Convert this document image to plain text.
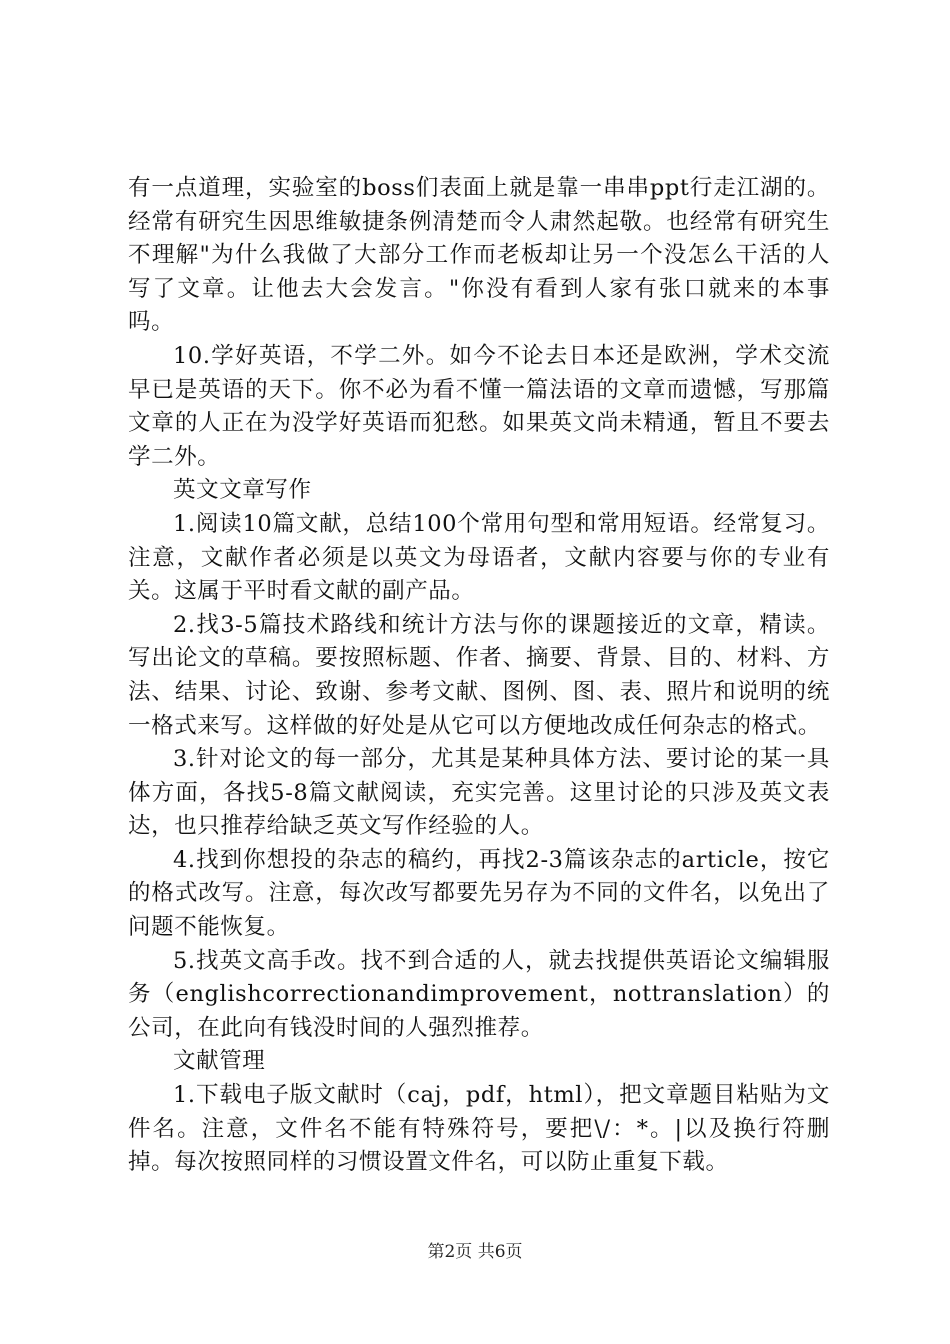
有一点道理，实验室的boss们表面上就是靠一串串ppt行走江湖的。经常有研究生因思维敏捷条例清楚而令人肃然起敬。也经常有研究生不理解"为什么我做了大部分工作而老板却让另一个没怎么干活的人写了文章。让他去大会发言。"你没有看到人家有张口就来的本事吗。

10.学好英语，不学二外。如今不论去日本还是欧洲，学术交流早已是英语的天下。你不必为看不懂一篇法语的文章而遗憾，写那篇文章的人正在为没学好英语而犯愁。如果英文尚未精通，暂且不要去学二外。

英文文章写作

1.阅读10篇文献，总结100个常用句型和常用短语。经常复习。注意，文献作者必须是以英文为母语者，文献内容要与你的专业有关。这属于平时看文献的副产品。

2.找3-5篇技术路线和统计方法与你的课题接近的文章，精读。写出论文的草稿。要按照标题、作者、摘要、背景、目的、材料、方法、结果、讨论、致谢、参考文献、图例、图、表、照片和说明的统一格式来写。这样做的好处是从它可以方便地改成任何杂志的格式。

3.针对论文的每一部分，尤其是某种具体方法、要讨论的某一具体方面，各找5-8篇文献阅读，充实完善。这里讨论的只涉及英文表达，也只推荐给缺乏英文写作经验的人。

4.找到你想投的杂志的稿约，再找2-3篇该杂志的article，按它的格式改写。注意，每次改写都要先另存为不同的文件名，以免出了问题不能恢复。

5.找英文高手改。找不到合适的人，就去找提供英语论文编辑服务（englishcorrectionandimprovement，nottranslation）的公司，在此向有钱没时间的人强烈推荐。

文献管理

1.下载电子版文献时（caj，pdf，html），把文章题目粘贴为文件名。注意，文件名不能有特殊符号，要把\/：*。|以及换行符删掉。每次按照同样的习惯设置文件名，可以防止重复下载。

第2页 共6页
